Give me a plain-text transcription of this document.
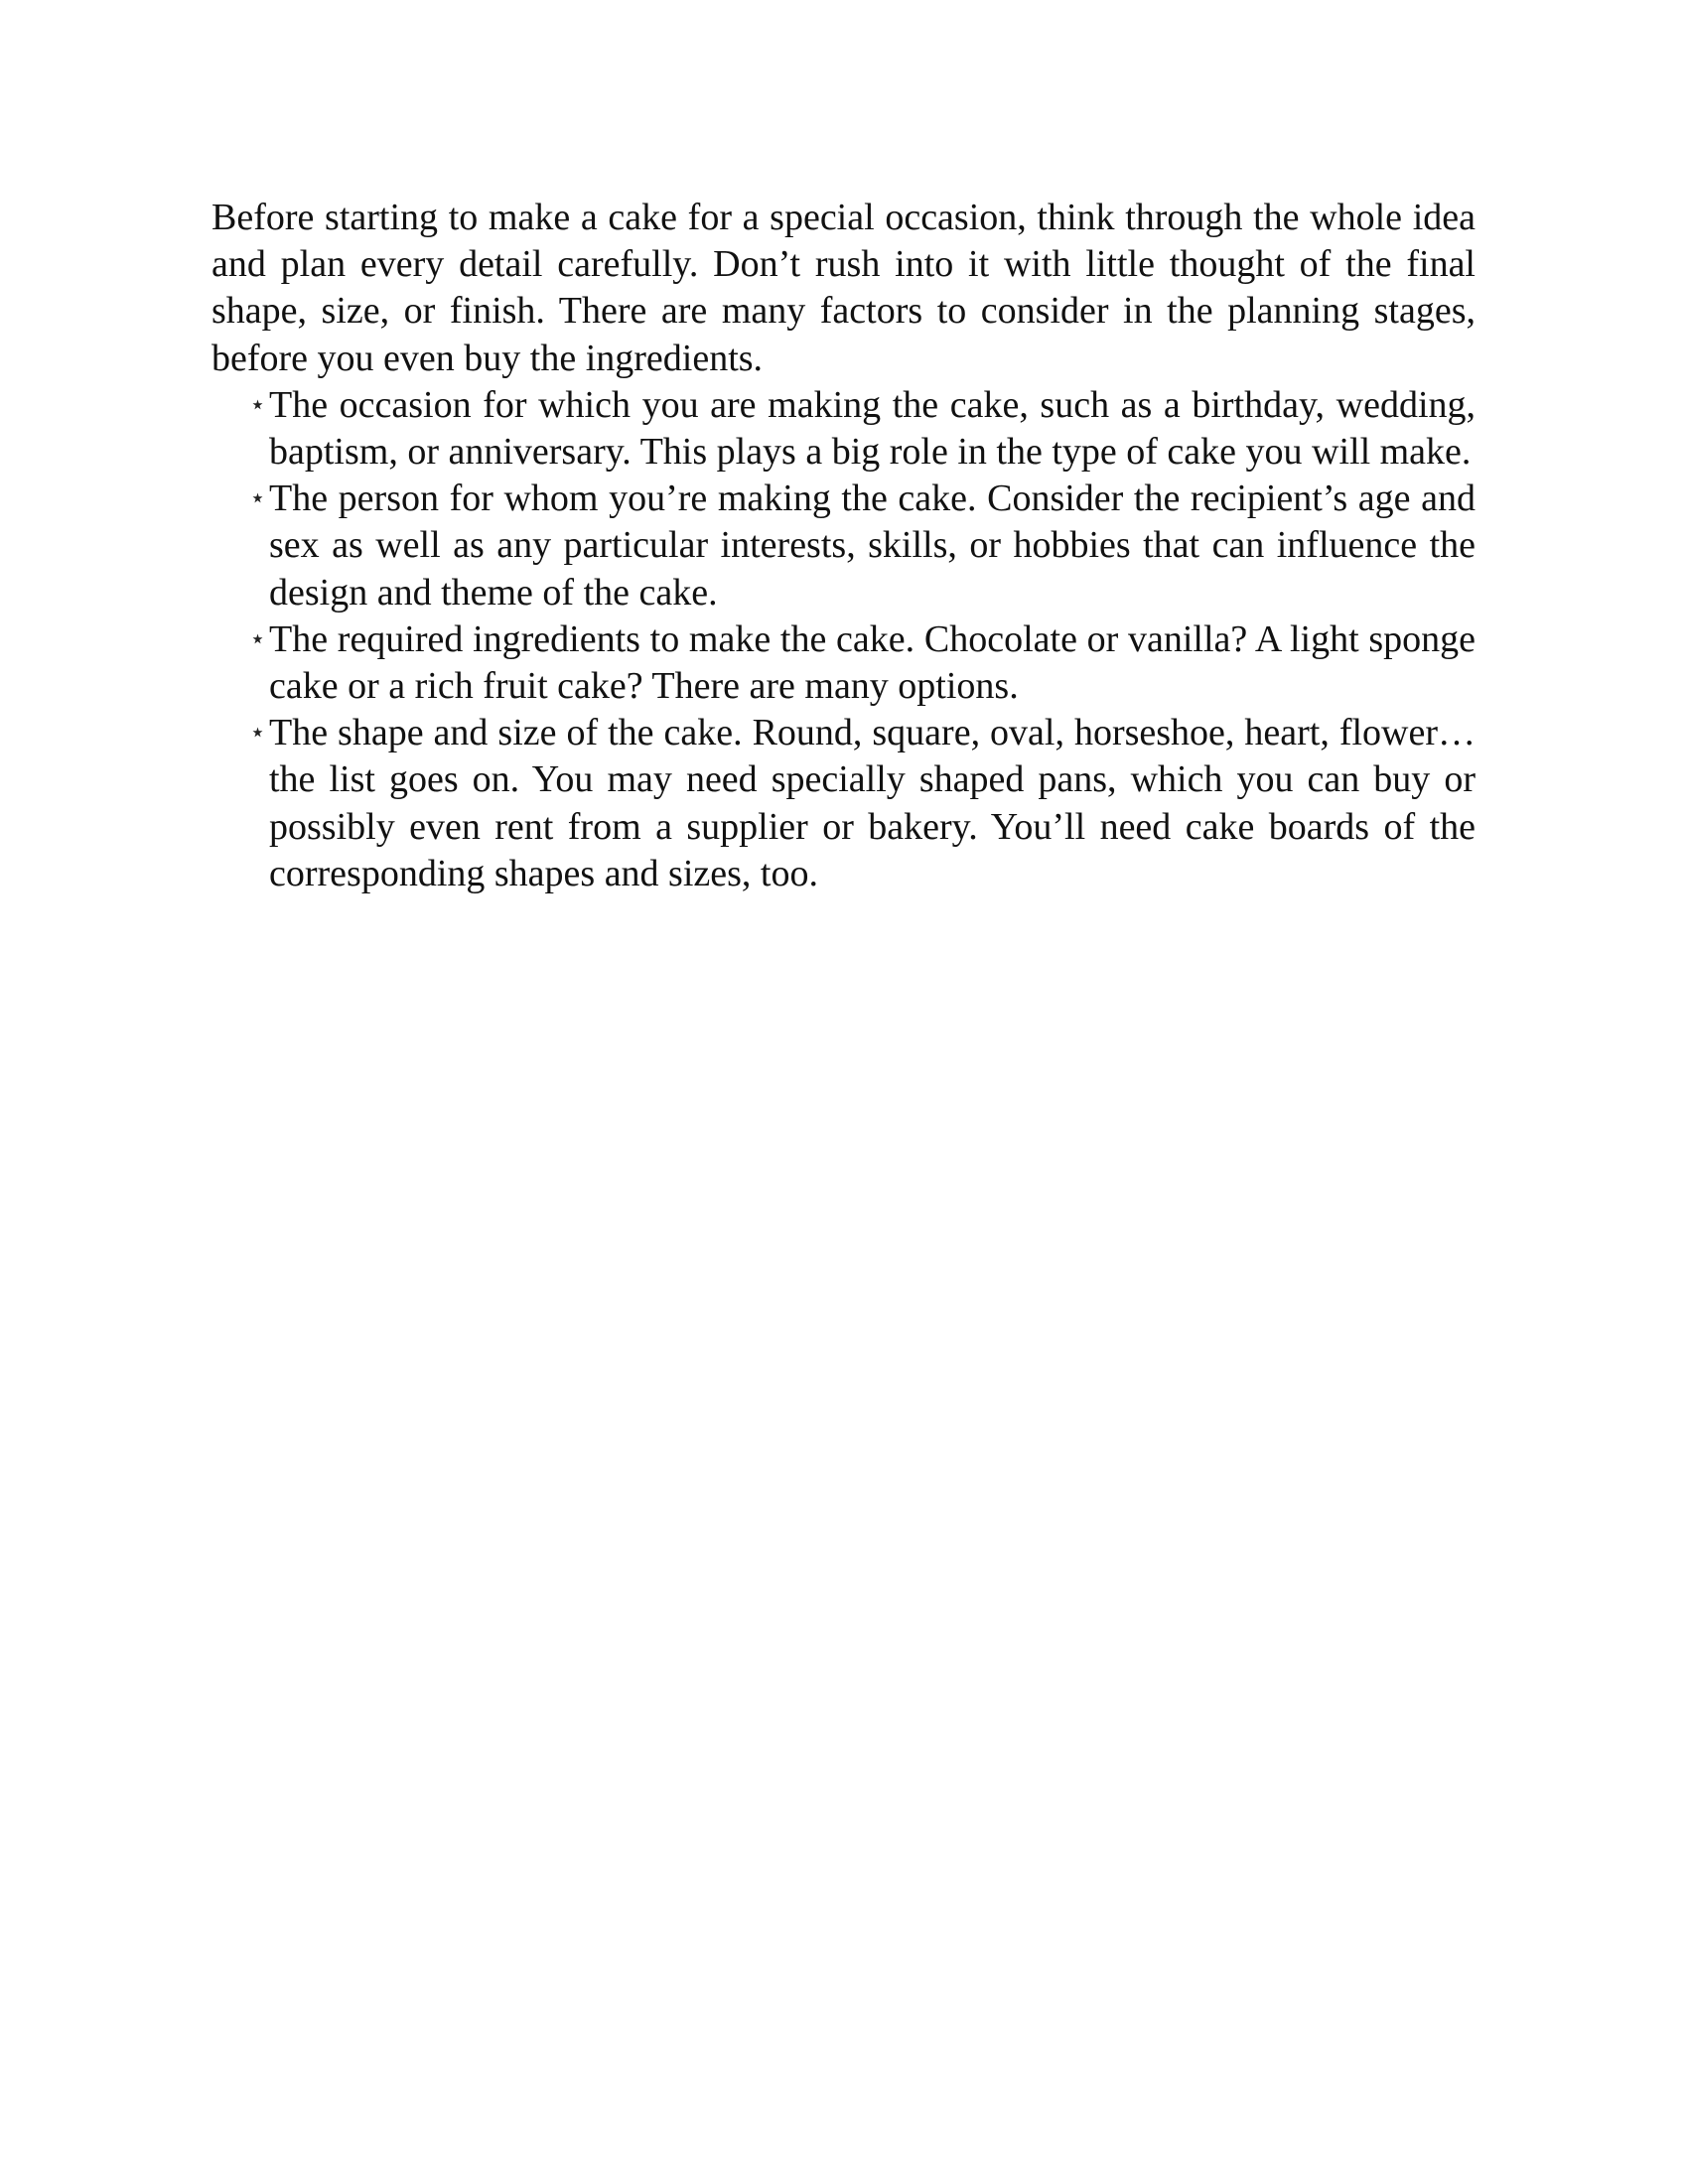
Before starting to make a cake for a special occasion, think through the whole idea and plan every detail carefully. Don’t rush into it with little thought of the final shape, size, or finish. There are many factors to consider in the planning stages, before you even buy the ingredients.

The occasion for which you are making the cake, such as a birthday, wedding, baptism, or anniversary. This plays a big role in the type of cake you will make.
The person for whom you’re making the cake. Consider the recipient’s age and sex as well as any particular interests, skills, or hobbies that can influence the design and theme of the cake.
The required ingredients to make the cake. Chocolate or vanilla? A light sponge cake or a rich fruit cake? There are many options.
The shape and size of the cake. Round, square, oval, horseshoe, heart, flower…the list goes on. You may need specially shaped pans, which you can buy or possibly even rent from a supplier or bakery. You’ll need cake boards of the corresponding shapes and sizes, too.
